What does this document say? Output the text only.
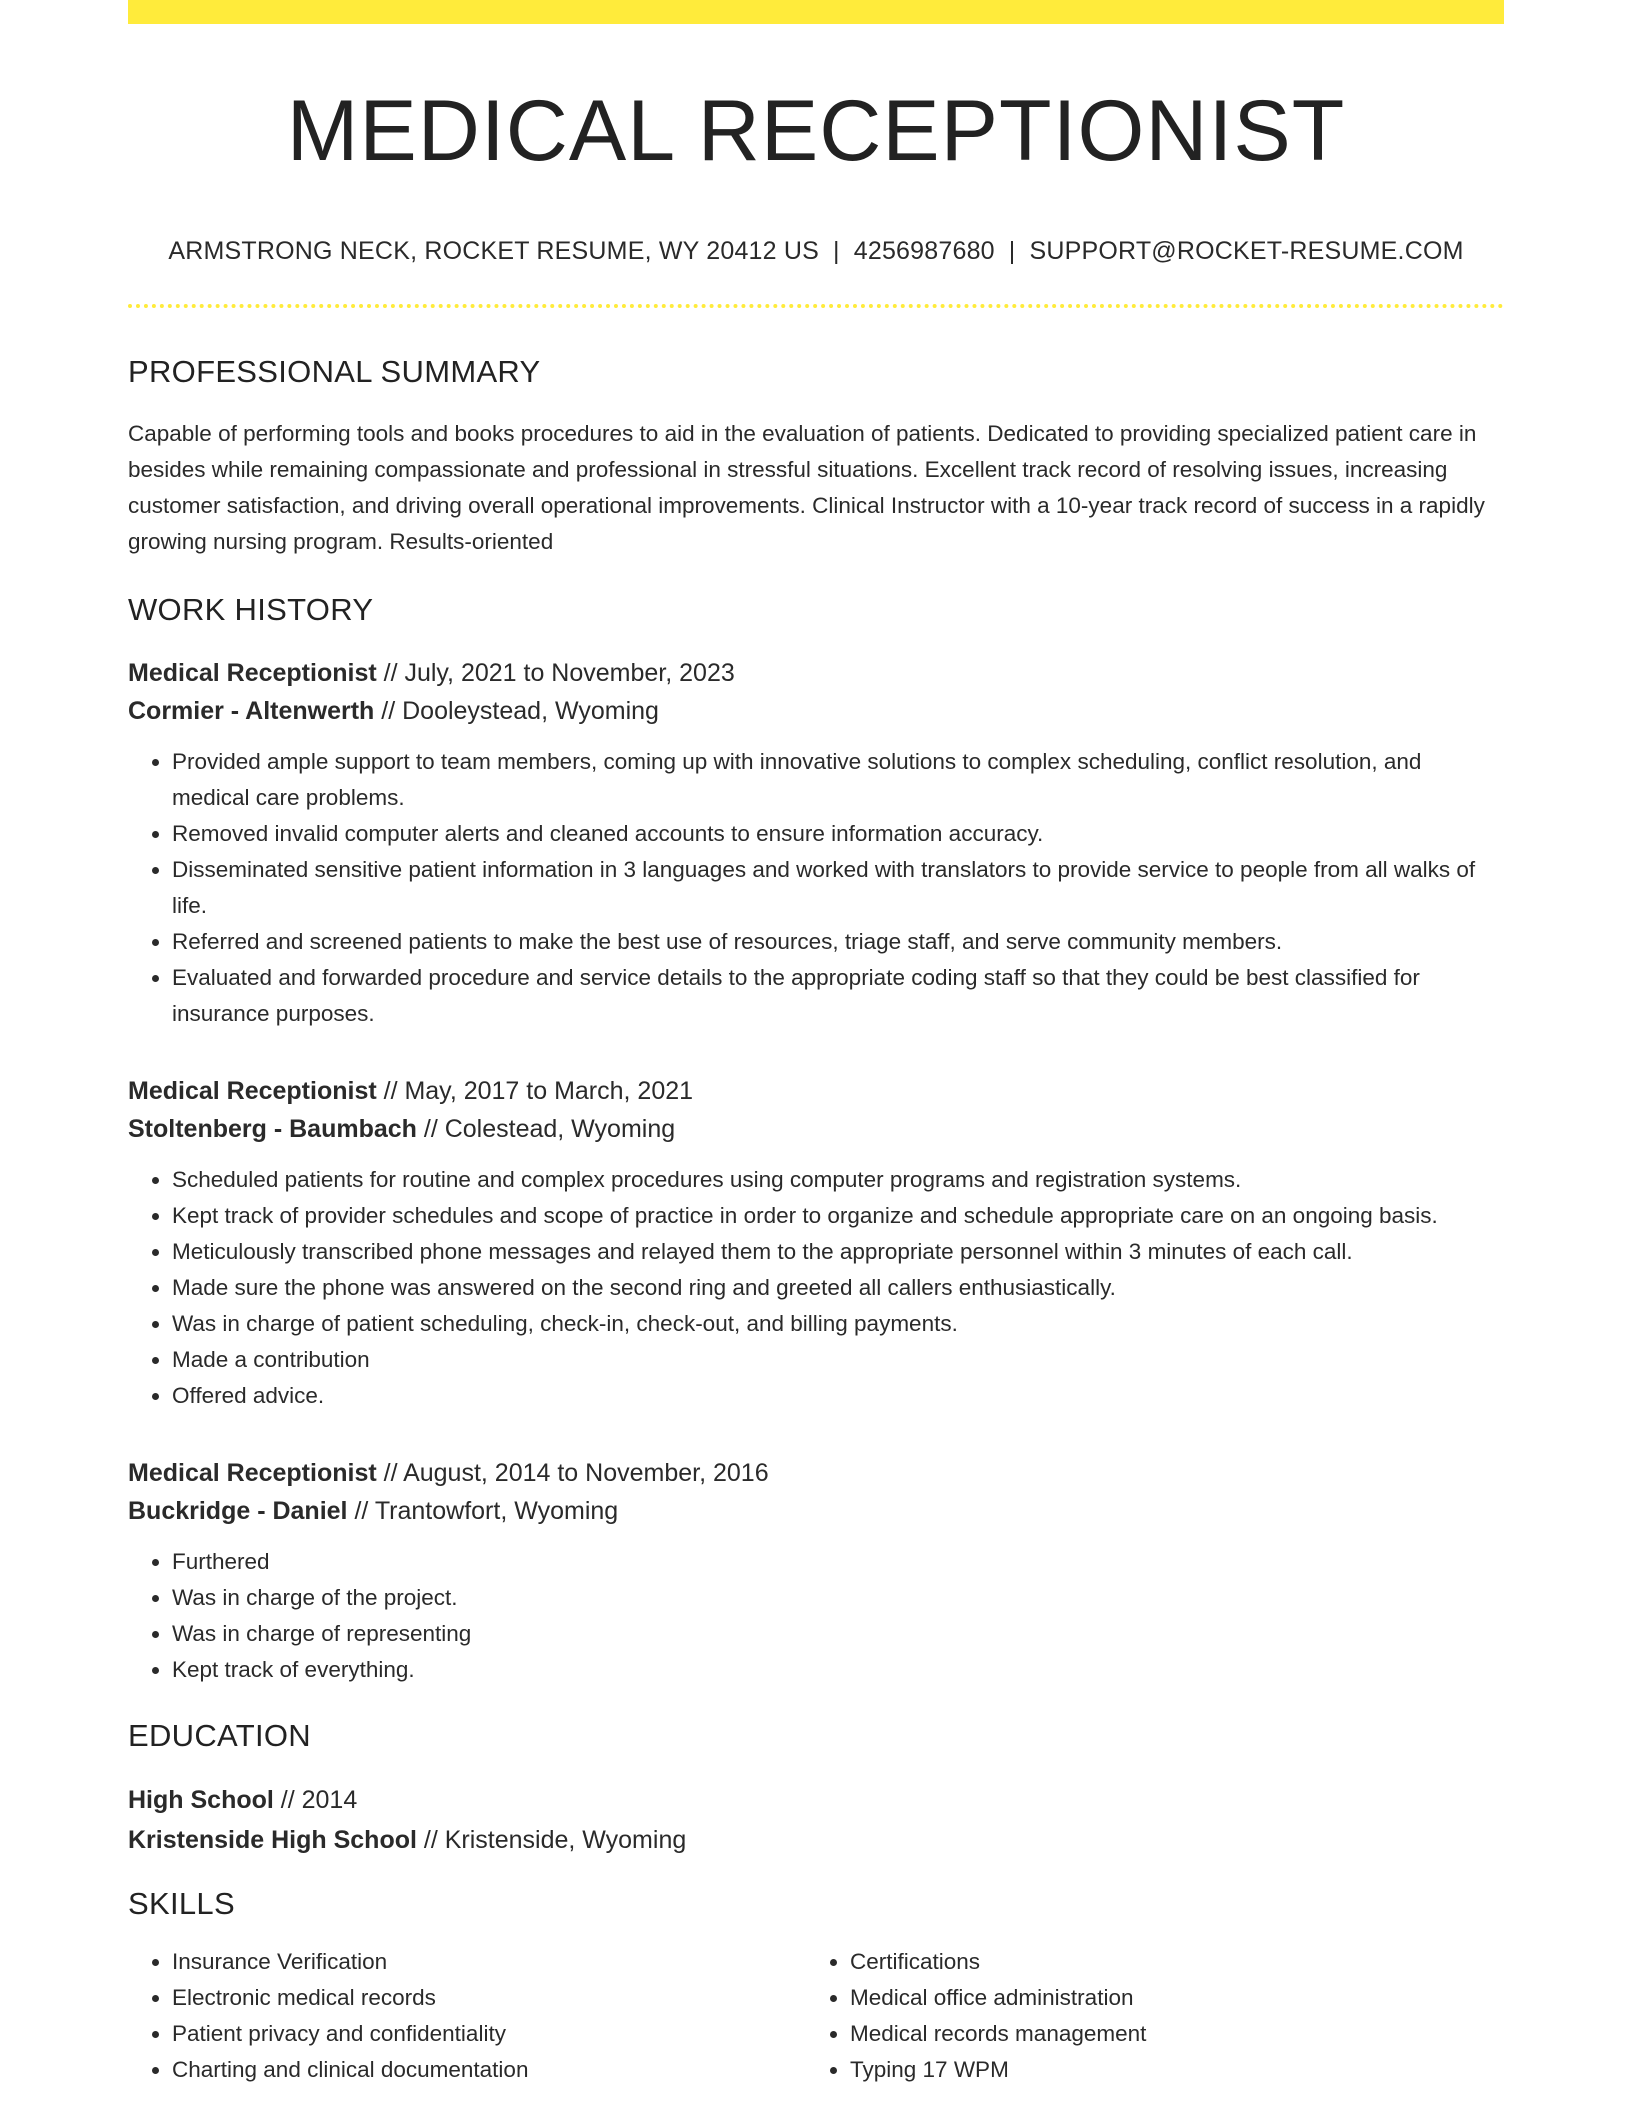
MEDICAL RECEPTIONIST
ARMSTRONG NECK, ROCKET RESUME, WY 20412 US | 4256987680 | SUPPORT@ROCKET-RESUME.COM
PROFESSIONAL SUMMARY
Capable of performing tools and books procedures to aid in the evaluation of patients. Dedicated to providing specialized patient care in besides while remaining compassionate and professional in stressful situations. Excellent track record of resolving issues, increasing customer satisfaction, and driving overall operational improvements. Clinical Instructor with a 10-year track record of success in a rapidly growing nursing program. Results-oriented
WORK HISTORY
Medical Receptionist // July, 2021 to November, 2023
Cormier - Altenwerth // Dooleystead, Wyoming
• Provided ample support to team members, coming up with innovative solutions to complex scheduling, conflict resolution, and medical care problems.
• Removed invalid computer alerts and cleaned accounts to ensure information accuracy.
• Disseminated sensitive patient information in 3 languages and worked with translators to provide service to people from all walks of life.
• Referred and screened patients to make the best use of resources, triage staff, and serve community members.
• Evaluated and forwarded procedure and service details to the appropriate coding staff so that they could be best classified for insurance purposes.
Medical Receptionist // May, 2017 to March, 2021
Stoltenberg - Baumbach // Colestead, Wyoming
• Scheduled patients for routine and complex procedures using computer programs and registration systems.
• Kept track of provider schedules and scope of practice in order to organize and schedule appropriate care on an ongoing basis.
• Meticulously transcribed phone messages and relayed them to the appropriate personnel within 3 minutes of each call.
• Made sure the phone was answered on the second ring and greeted all callers enthusiastically.
• Was in charge of patient scheduling, check-in, check-out, and billing payments.
• Made a contribution
• Offered advice.
Medical Receptionist // August, 2014 to November, 2016
Buckridge - Daniel // Trantowfort, Wyoming
• Furthered
• Was in charge of the project.
• Was in charge of representing
• Kept track of everything.
EDUCATION
High School // 2014
Kristenside High School // Kristenside, Wyoming
SKILLS
• Insurance Verification
• Electronic medical records
• Patient privacy and confidentiality
• Charting and clinical documentation
• Certifications
• Medical office administration
• Medical records management
• Typing 17 WPM
